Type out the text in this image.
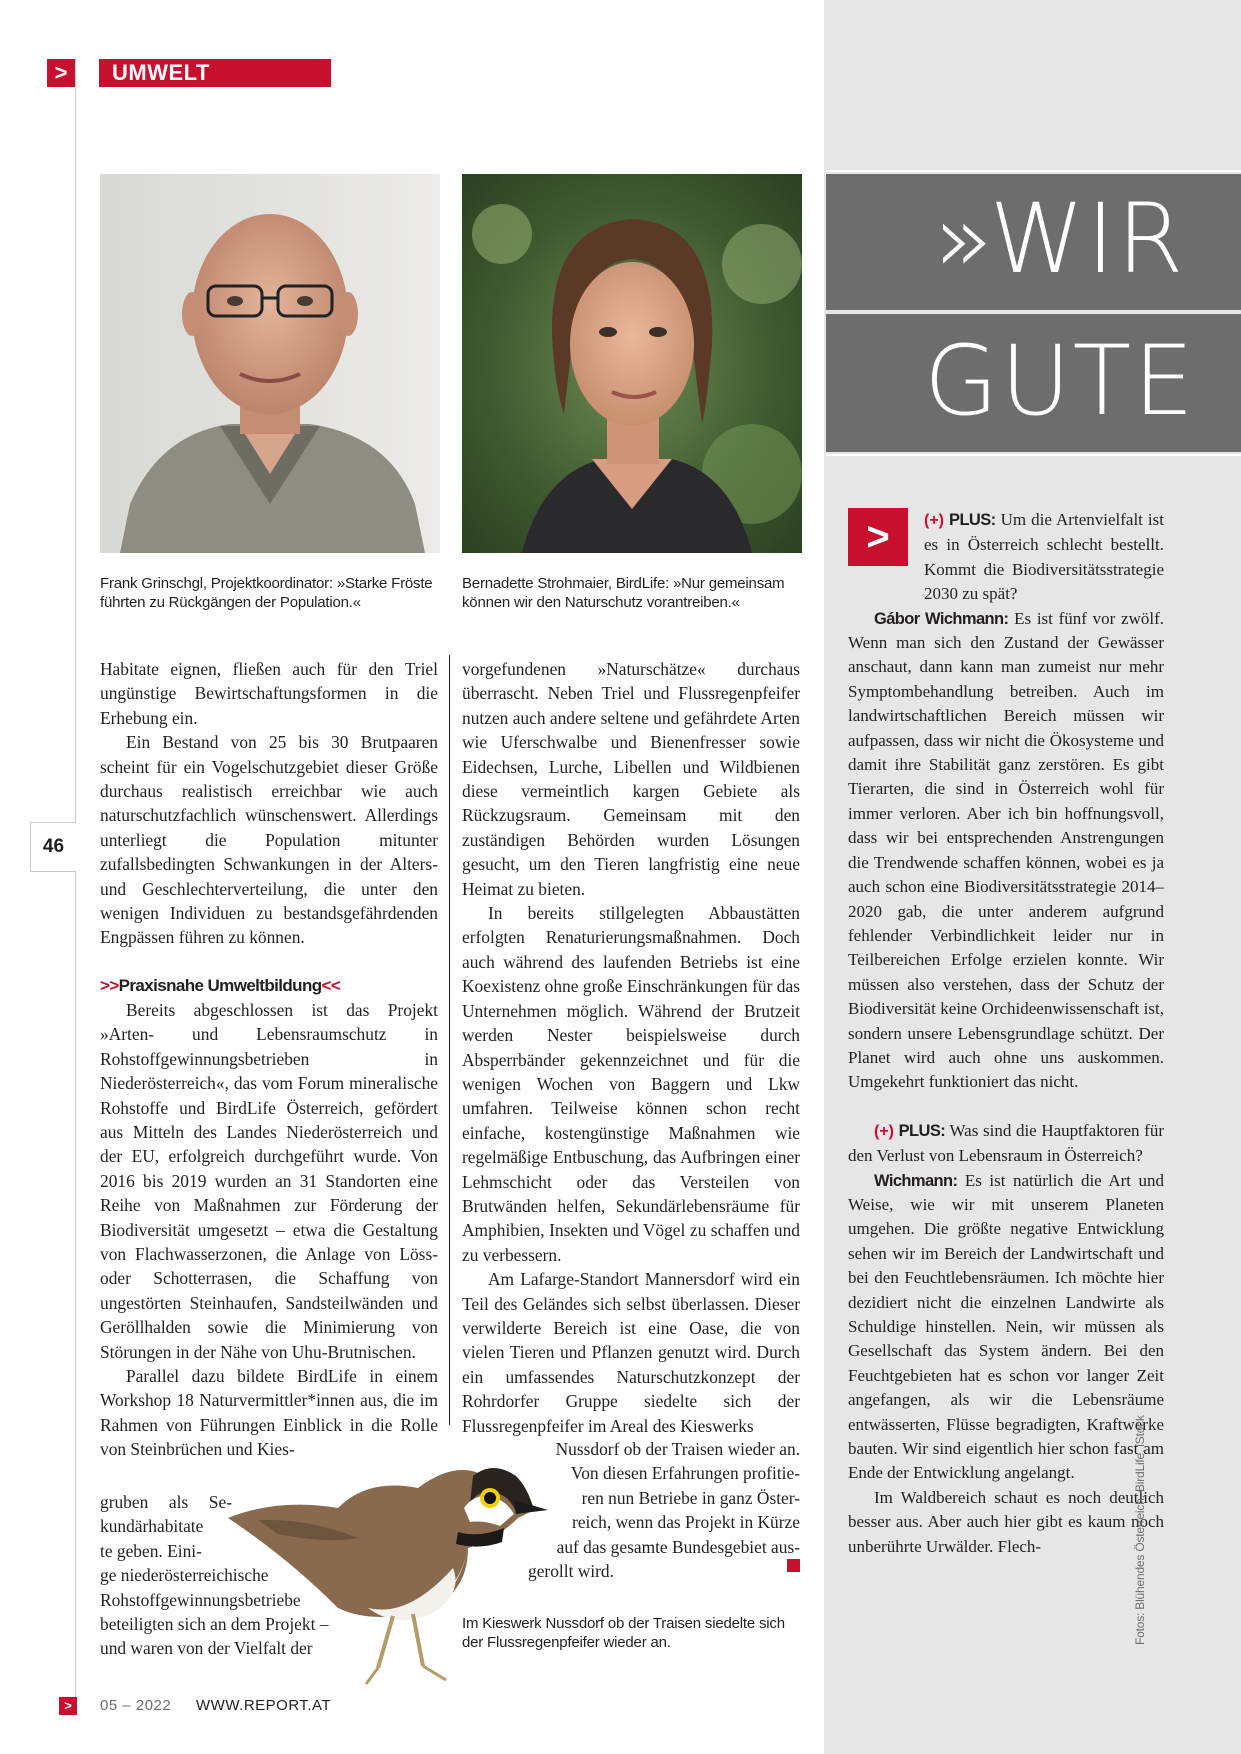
>	UMWELT
46
Frank Grinschgl, Projektkoordinator: »Starke Fröste führten zu Rückgängen der Population.«
Bernadette Strohmaier, BirdLife: »Nur gemeinsam können wir den Naturschutz vorantreiben.«

Habitate eignen, fließen auch für den Triel ungünstige Bewirtschaftungsformen in die Erhebung ein.

Ein Bestand von 25 bis 30 Brutpaaren scheint für ein Vogelschutzgebiet dieser Größe durchaus realistisch erreichbar wie auch naturschutzfachlich wünschenswert. Allerdings unterliegt die Population mitunter zufallsbedingten Schwankungen in der Alters- und Geschlechterverteilung, die unter den wenigen Individuen zu bestandsgefährdenden Engpässen führen zu können.

>>Praxisnahe Umweltbildung<<

Bereits abgeschlossen ist das Projekt »Arten- und Lebensraumschutz in Rohstoffgewinnungsbetrieben in Niederösterreich«, das vom Forum mineralische Rohstoffe und BirdLife Österreich, gefördert aus Mitteln des Landes Niederösterreich und der EU, erfolgreich durchgeführt wurde. Von 2016 bis 2019 wurden an 31 Standorten eine Reihe von Maßnahmen zur Förderung der Biodiversität umgesetzt – etwa die Gestaltung von Flachwasserzonen, die Anlage von Löss- oder Schotterrasen, die Schaffung von ungestörten Steinhaufen, Sandsteilwänden und Geröllhalden sowie die Minimierung von Störungen in der Nähe von Uhu-Brutnischen.

Parallel dazu bildete BirdLife in einem Workshop 18 Naturvermittler*innen aus, die im Rahmen von Führungen Einblick in die Rolle von Steinbrüchen und Kies-

gruben als Se-
kundärhabitate
te geben. Eini-
ge niederösterreichische
Rohstoffgewinnungsbetriebe
beteiligten sich an dem Projekt –
und waren von der Vielfalt der

vorgefundenen »Naturschätze« durchaus überrascht. Neben Triel und Flussregenpfeifer nutzen auch andere seltene und gefährdete Arten wie Uferschwalbe und Bienenfresser sowie Eidechsen, Lurche, Libellen und Wildbienen diese vermeintlich kargen Gebiete als Rückzugsraum. Gemeinsam mit den zuständigen Behörden wurden Lösungen gesucht, um den Tieren langfristig eine neue Heimat zu bieten.

In bereits stillgelegten Abbaustätten erfolgten Renaturierungsmaßnahmen. Doch auch während des laufenden Betriebs ist eine Koexistenz ohne große Einschränkungen für das Unternehmen möglich. Während der Brutzeit werden Nester beispielsweise durch Absperrbänder gekennzeichnet und für die wenigen Wochen von Baggern und Lkw umfahren. Teilweise können schon recht einfache, kostengünstige Maßnahmen wie regelmäßige Entbuschung, das Aufbringen einer Lehmschicht oder das Versteilen von Brutwänden helfen, Sekundärlebensräume für Amphibien, Insekten und Vögel zu schaffen und zu verbessern.

Am Lafarge-Standort Mannersdorf wird ein Teil des Geländes sich selbst überlassen. Dieser verwilderte Bereich ist eine Oase, die von vielen Tieren und Pflanzen genutzt wird. Durch ein umfassendes Naturschutzkonzept der Rohrdorfer Gruppe siedelte sich der Flussregenpfeifer im Areal des Kieswerks

Nussdorf ob der Traisen wieder an.
Von diesen Erfahrungen profitie-
ren nun Betriebe in ganz Öster-
reich, wenn das Projekt in Kürze
auf das gesamte Bundesgebiet aus-
gerollt wird.
Im Kieswerk Nussdorf ob der Traisen siedelte sich der Flussregenpfeifer wieder an.
»WIR
GUTE
>	(+) PLUS: Um die Artenvielfalt ist es in Österreich schlecht bestellt. Kommt die Biodiversitätsstrategie 2030 zu spät?

Gábor Wichmann: Es ist fünf vor zwölf. Wenn man sich den Zustand der Gewässer anschaut, dann kann man zumeist nur mehr Symptombehandlung betreiben. Auch im landwirtschaftlichen Bereich müssen wir aufpassen, dass wir nicht die Ökosysteme und damit ihre Stabilität ganz zerstören. Es gibt Tierarten, die sind in Österreich wohl für immer verloren. Aber ich bin hoffnungsvoll, dass wir bei entsprechenden Anstrengungen die Trendwende schaffen können, wobei es ja auch schon eine Biodiversitätsstrategie 2014–2020 gab, die unter anderem aufgrund fehlender Verbindlichkeit leider nur in Teilbereichen Erfolge erzielen konnte. Wir müssen also verstehen, dass der Schutz der Biodiversität keine Orchideenwissenschaft ist, sondern unsere Lebensgrundlage schützt. Der Planet wird auch ohne uns auskommen. Umgekehrt funktioniert das nicht.

(+) PLUS: Was sind die Hauptfaktoren für den Verlust von Lebensraum in Österreich?

Wichmann: Es ist natürlich die Art und Weise, wie wir mit unserem Planeten umgehen. Die größte negative Entwicklung sehen wir im Bereich der Landwirtschaft und bei den Feuchtlebensräumen. Ich möchte hier dezidiert nicht die einzelnen Landwirte als Schuldige hinstellen. Nein, wir müssen als Gesellschaft das System ändern. Bei den Feuchtgebieten hat es schon vor langer Zeit angefangen, als wir die Lebensräume entwässerten, Flüsse begradigten, Kraftwerke bauten. Wir sind eigentlich hier schon fast am Ende der Entwicklung angelangt.

Im Waldbereich schaut es noch deutlich besser aus. Aber auch hier gibt es kaum noch unberührte Urwälder. Flech-	Fotos: Blühendes Österreich, BirdLife, iStock
>	05 – 2022 WWW.REPORT.AT
